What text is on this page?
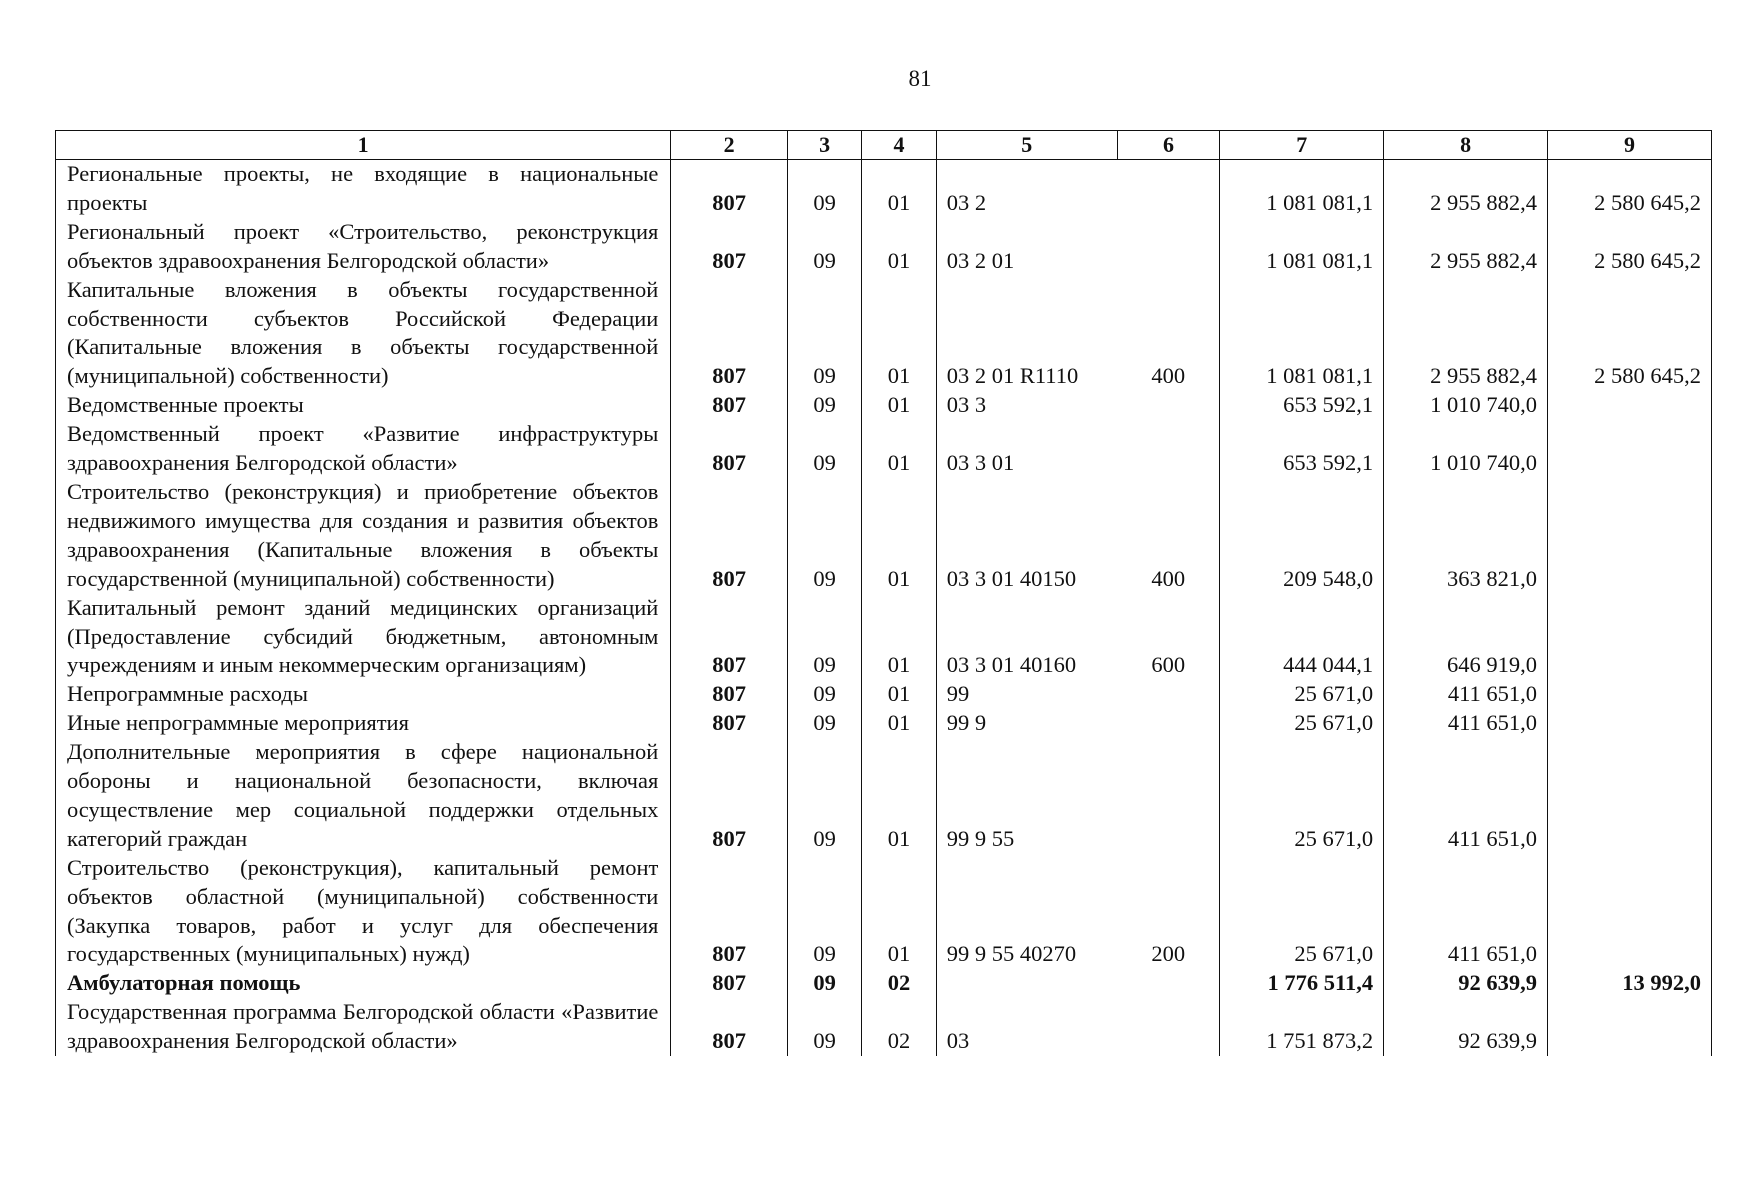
81
1	2	3	4	5	6	7	8	9
Региональные проекты, не входящие в национальные проекты	807	09	01	03 2		1 081 081,1	2 955 882,4	2 580 645,2
Региональный проект «Строительство, реконструкция объектов здравоохранения Белгородской области»	807	09	01	03 2 01		1 081 081,1	2 955 882,4	2 580 645,2
Капитальные вложения в объекты государственной собственности субъектов Российской Федерации (Капитальные вложения в объекты государственной (муниципальной) собственности)	807	09	01	03 2 01 R1110	400	1 081 081,1	2 955 882,4	2 580 645,2
Ведомственные проекты	807	09	01	03 3		653 592,1	1 010 740,0	
Ведомственный проект «Развитие инфраструктуры здравоохранения Белгородской области»	807	09	01	03 3 01		653 592,1	1 010 740,0	
Строительство (реконструкция) и приобретение объектов недвижимого имущества для создания и развития объектов здравоохранения (Капитальные вложения в объекты государственной (муниципальной) собственности)	807	09	01	03 3 01 40150	400	209 548,0	363 821,0	
Капитальный ремонт зданий медицинских организаций (Предоставление субсидий бюджетным, автономным учреждениям и иным некоммерческим организациям)	807	09	01	03 3 01 40160	600	444 044,1	646 919,0	
Непрограммные расходы	807	09	01	99		25 671,0	411 651,0	
Иные непрограммные мероприятия	807	09	01	99 9		25 671,0	411 651,0	
Дополнительные мероприятия в сфере национальной обороны и национальной безопасности, включая осуществление мер социальной поддержки отдельных категорий граждан	807	09	01	99 9 55		25 671,0	411 651,0	
Строительство (реконструкция), капитальный ремонт объектов областной (муниципальной) собственности (Закупка товаров, работ и услуг для обеспечения государственных (муниципальных) нужд)	807	09	01	99 9 55 40270	200	25 671,0	411 651,0	
Амбулаторная помощь	807	09	02			1 776 511,4	92 639,9	13 992,0
Государственная программа Белгородской области «Развитие здравоохранения Белгородской области»	807	09	02	03		1 751 873,2	92 639,9	
